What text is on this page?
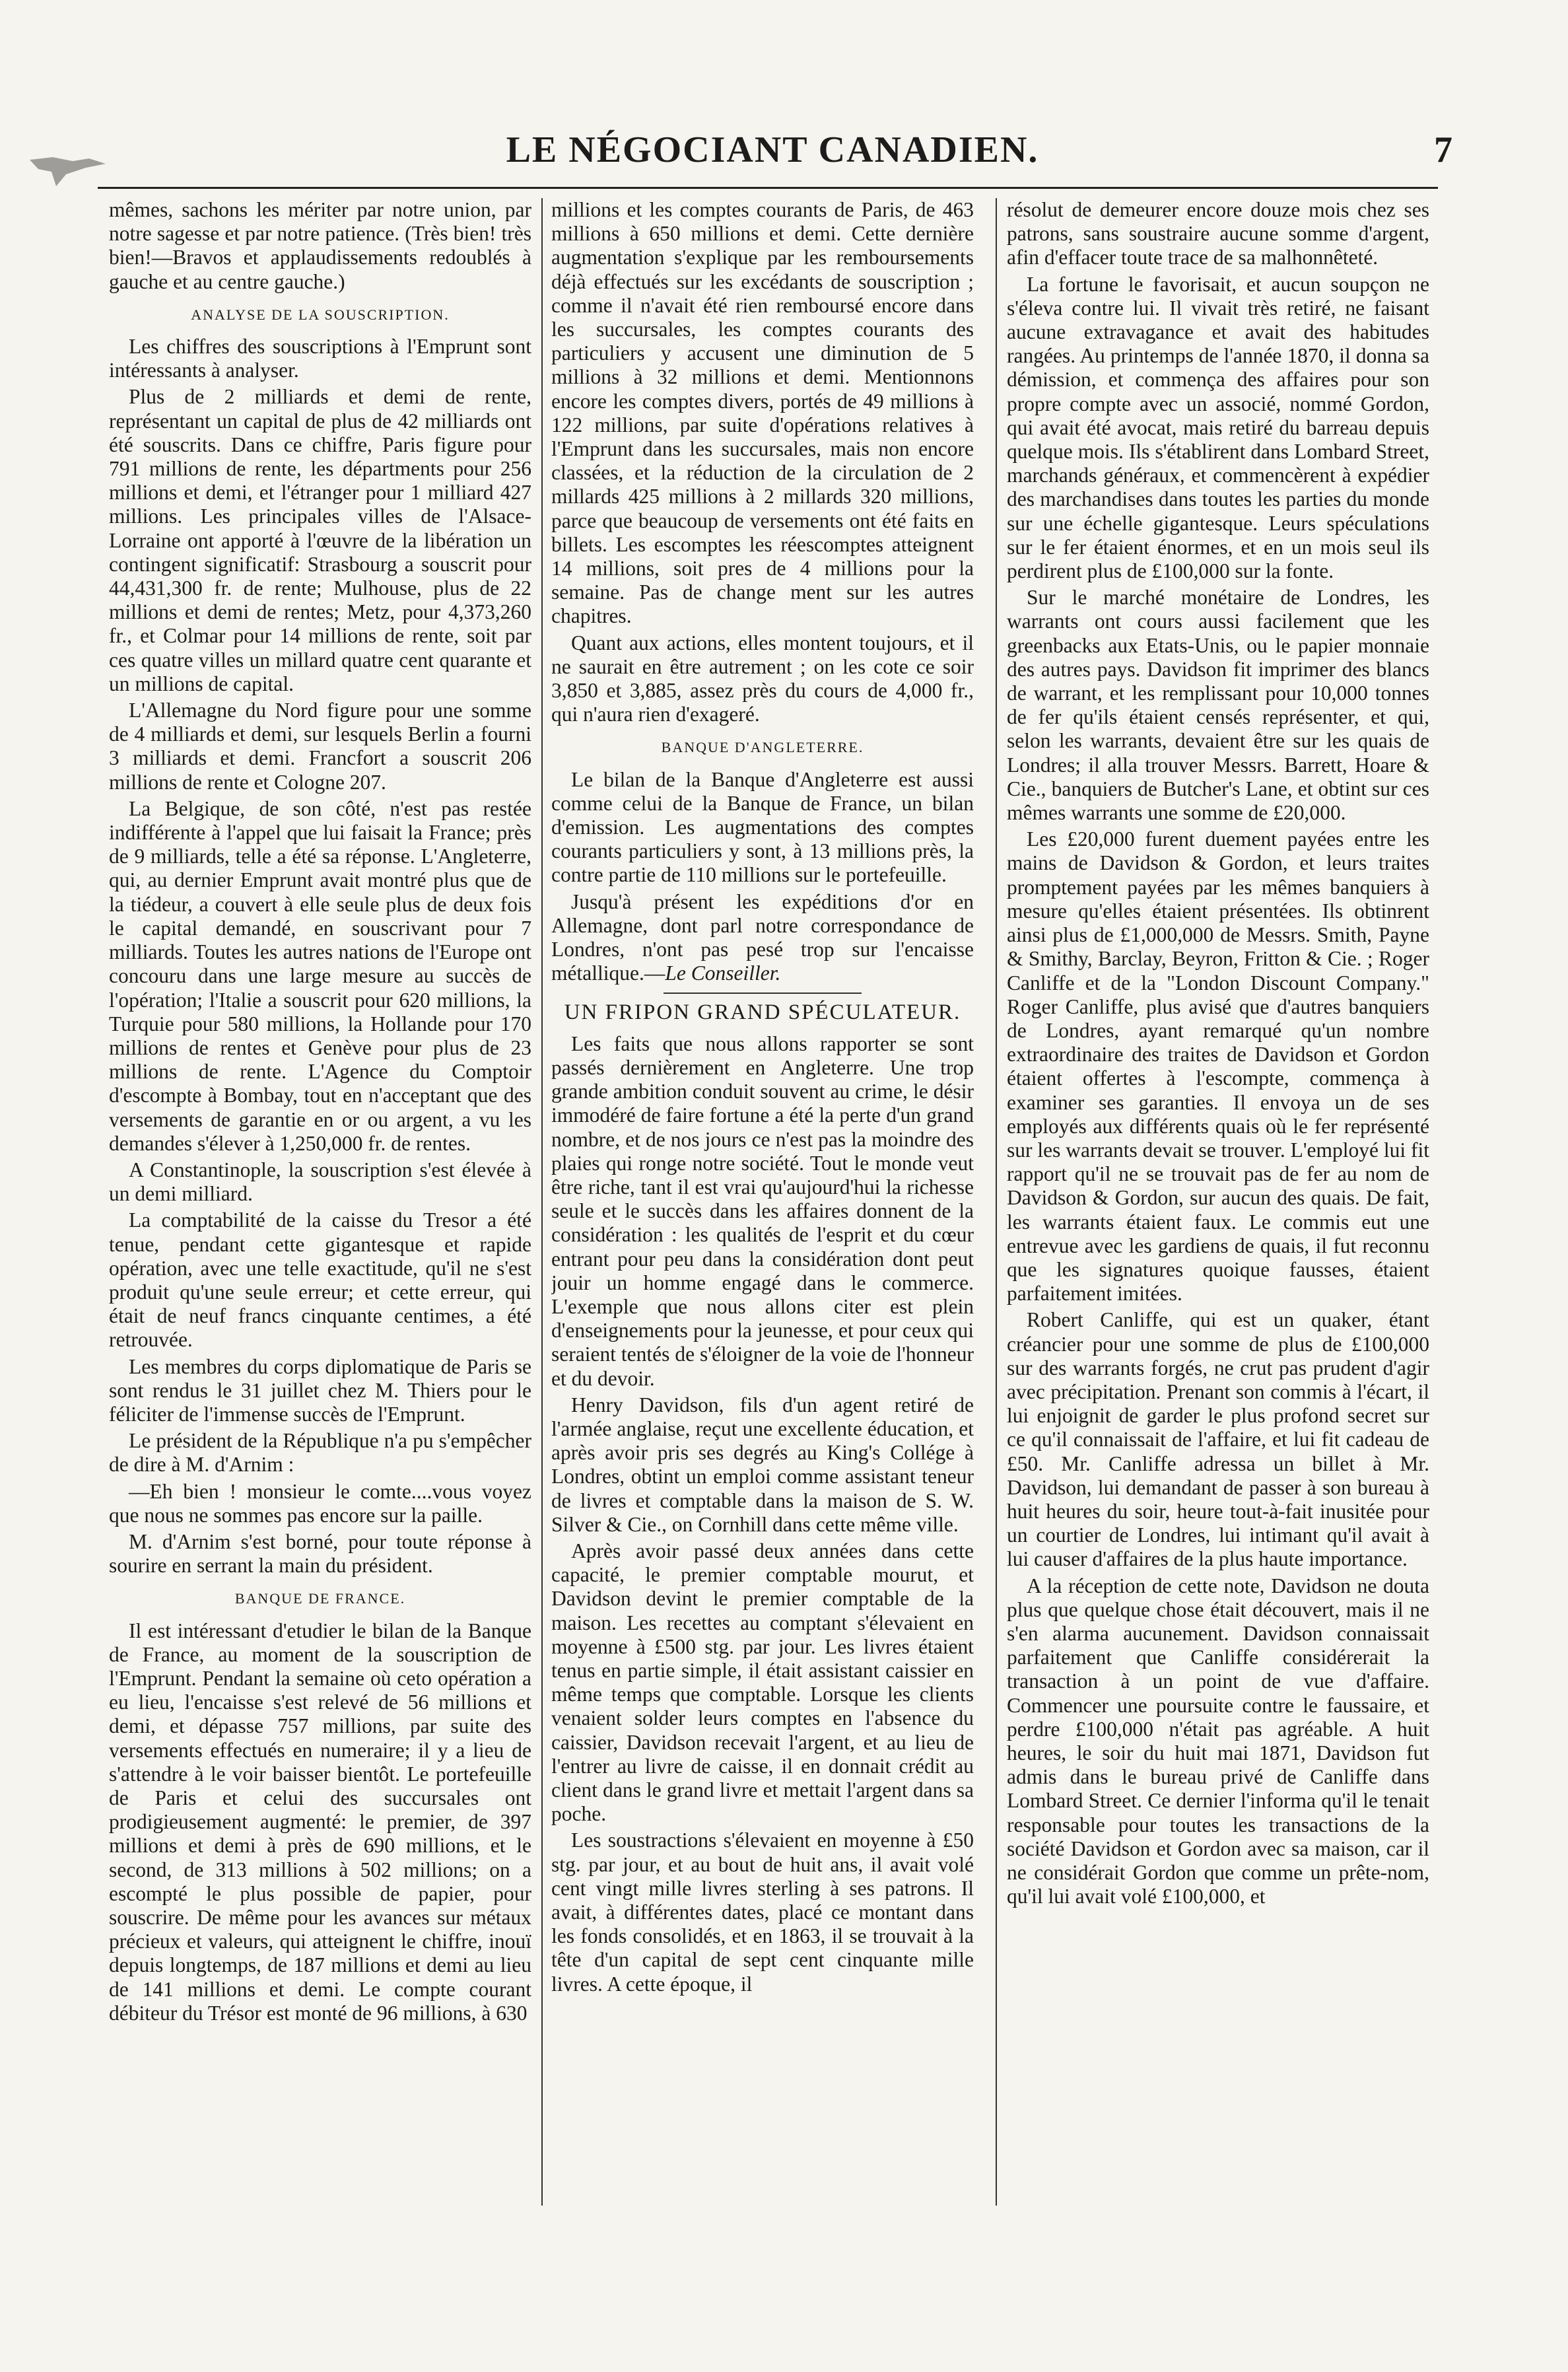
LE NÉGOCIANT CANADIEN.	7

mêmes, sachons les mériter par notre union, par notre sagesse et par notre patience. (Très bien! très bien!—Bravos et applaudissements redoublés à gauche et au centre gauche.)

ANALYSE DE LA SOUSCRIPTION.

Les chiffres des souscriptions à l'Emprunt sont intéressants à analyser.

Plus de 2 milliards et demi de rente, représentant un capital de plus de 42 milliards ont été souscrits. Dans ce chiffre, Paris figure pour 791 millions de rente, les départments pour 256 millions et demi, et l'étranger pour 1 milliard 427 millions. Les principales villes de l'Alsace-Lorraine ont apporté à l'œuvre de la libération un contingent significatif: Strasbourg a souscrit pour 44,431,300 fr. de rente; Mulhouse, plus de 22 millions et demi de rentes; Metz, pour 4,373,260 fr., et Colmar pour 14 millions de rente, soit par ces quatre villes un millard quatre cent quarante et un millions de capital.

L'Allemagne du Nord figure pour une somme de 4 milliards et demi, sur lesquels Berlin a fourni 3 milliards et demi. Francfort a souscrit 206 millions de rente et Cologne 207.

La Belgique, de son côté, n'est pas restée indifférente à l'appel que lui faisait la France; près de 9 milliards, telle a été sa réponse. L'Angleterre, qui, au dernier Emprunt avait montré plus que de la tiédeur, a couvert à elle seule plus de deux fois le capital demandé, en souscrivant pour 7 milliards. Toutes les autres nations de l'Europe ont concouru dans une large mesure au succès de l'opération; l'Italie a souscrit pour 620 millions, la Turquie pour 580 millions, la Hollande pour 170 millions de rentes et Genève pour plus de 23 millions de rente. L'Agence du Comptoir d'escompte à Bombay, tout en n'acceptant que des versements de garantie en or ou argent, a vu les demandes s'élever à 1,250,000 fr. de rentes.

A Constantinople, la souscription s'est élevée à un demi milliard.

La comptabilité de la caisse du Tresor a été tenue, pendant cette gigantesque et rapide opération, avec une telle exactitude, qu'il ne s'est produit qu'une seule erreur; et cette erreur, qui était de neuf francs cinquante centimes, a été retrouvée.

Les membres du corps diplomatique de Paris se sont rendus le 31 juillet chez M. Thiers pour le féliciter de l'immense succès de l'Emprunt.

Le président de la République n'a pu s'empêcher de dire à M. d'Arnim :

—Eh bien ! monsieur le comte....vous voyez que nous ne sommes pas encore sur la paille.

M. d'Arnim s'est borné, pour toute réponse à sourire en serrant la main du président.

BANQUE DE FRANCE.

Il est intéressant d'etudier le bilan de la Banque de France, au moment de la souscription de l'Emprunt. Pendant la semaine où ceto opération a eu lieu, l'encaisse s'est relevé de 56 millions et demi, et dépasse 757 millions, par suite des versements effectués en numeraire; il y a lieu de s'attendre à le voir baisser bientôt. Le portefeuille de Paris et celui des succursales ont prodigieusement augmenté: le premier, de 397 millions et demi à près de 690 millions, et le second, de 313 millions à 502 millions; on a escompté le plus possible de papier, pour souscrire. De même pour les avances sur métaux précieux et valeurs, qui atteignent le chiffre, inouï depuis longtemps, de 187 millions et demi au lieu de 141 millions et demi. Le compte courant débiteur du Trésor est monté de 96 millions, à 630

millions et les comptes courants de Paris, de 463 millions à 650 millions et demi. Cette dernière augmentation s'explique par les remboursements déjà effectués sur les excédants de souscription ; comme il n'avait été rien remboursé encore dans les succursales, les comptes courants des particuliers y accusent une diminution de 5 millions à 32 millions et demi. Mentionnons encore les comptes divers, portés de 49 millions à 122 millions, par suite d'opérations relatives à l'Emprunt dans les succursales, mais non encore classées, et la réduction de la circulation de 2 millards 425 millions à 2 millards 320 millions, parce que beaucoup de versements ont été faits en billets. Les escomptes les réescomptes atteignent 14 millions, soit pres de 4 millions pour la semaine. Pas de change ment sur les autres chapitres.

Quant aux actions, elles montent toujours, et il ne saurait en être autrement ; on les cote ce soir 3,850 et 3,885, assez près du cours de 4,000 fr., qui n'aura rien d'exageré.

BANQUE D'ANGLETERRE.

Le bilan de la Banque d'Angleterre est aussi comme celui de la Banque de France, un bilan d'emission. Les augmentations des comptes courants particuliers y sont, à 13 millions près, la contre partie de 110 millions sur le portefeuille.

Jusqu'à présent les expéditions d'or en Allemagne, dont parl notre correspondance de Londres, n'ont pas pesé trop sur l'encaisse métallique.—Le Conseiller.

UN FRIPON GRAND SPÉCULATEUR.

Les faits que nous allons rapporter se sont passés dernièrement en Angleterre. Une trop grande ambition conduit souvent au crime, le désir immodéré de faire fortune a été la perte d'un grand nombre, et de nos jours ce n'est pas la moindre des plaies qui ronge notre société. Tout le monde veut être riche, tant il est vrai qu'aujourd'hui la richesse seule et le succès dans les affaires donnent de la considération : les qualités de l'esprit et du cœur entrant pour peu dans la considération dont peut jouir un homme engagé dans le commerce. L'exemple que nous allons citer est plein d'enseignements pour la jeunesse, et pour ceux qui seraient tentés de s'éloigner de la voie de l'honneur et du devoir.

Henry Davidson, fils d'un agent retiré de l'armée anglaise, reçut une excellente éducation, et après avoir pris ses degrés au King's Collége à Londres, obtint un emploi comme assistant teneur de livres et comptable dans la maison de S. W. Silver & Cie., on Cornhill dans cette même ville.

Après avoir passé deux années dans cette capacité, le premier comptable mourut, et Davidson devint le premier comptable de la maison. Les recettes au comptant s'élevaient en moyenne à £500 stg. par jour. Les livres étaient tenus en partie simple, il était assistant caissier en même temps que comptable. Lorsque les clients venaient solder leurs comptes en l'absence du caissier, Davidson recevait l'argent, et au lieu de l'entrer au livre de caisse, il en donnait crédit au client dans le grand livre et mettait l'argent dans sa poche.

Les soustractions s'élevaient en moyenne à £50 stg. par jour, et au bout de huit ans, il avait volé cent vingt mille livres sterling à ses patrons. Il avait, à différentes dates, placé ce montant dans les fonds consolidés, et en 1863, il se trouvait à la tête d'un capital de sept cent cinquante mille livres. A cette époque, il

résolut de demeurer encore douze mois chez ses patrons, sans soustraire aucune somme d'argent, afin d'effacer toute trace de sa malhonnêteté.

La fortune le favorisait, et aucun soupçon ne s'éleva contre lui. Il vivait très retiré, ne faisant aucune extravagance et avait des habitudes rangées. Au printemps de l'année 1870, il donna sa démission, et commença des affaires pour son propre compte avec un associé, nommé Gordon, qui avait été avocat, mais retiré du barreau depuis quelque mois. Ils s'établirent dans Lombard Street, marchands généraux, et commencèrent à expédier des marchandises dans toutes les parties du monde sur une échelle gigantesque. Leurs spéculations sur le fer étaient énormes, et en un mois seul ils perdirent plus de £100,000 sur la fonte.

Sur le marché monétaire de Londres, les warrants ont cours aussi facilement que les greenbacks aux Etats-Unis, ou le papier monnaie des autres pays. Davidson fit imprimer des blancs de warrant, et les remplissant pour 10,000 tonnes de fer qu'ils étaient censés représenter, et qui, selon les warrants, devaient être sur les quais de Londres; il alla trouver Messrs. Barrett, Hoare & Cie., banquiers de Butcher's Lane, et obtint sur ces mêmes warrants une somme de £20,000.

Les £20,000 furent duement payées entre les mains de Davidson & Gordon, et leurs traites promptement payées par les mêmes banquiers à mesure qu'elles étaient présentées. Ils obtinrent ainsi plus de £1,000,000 de Messrs. Smith, Payne & Smithy, Barclay, Beyron, Fritton & Cie. ; Roger Canliffe et de la "London Discount Company." Roger Canliffe, plus avisé que d'autres banquiers de Londres, ayant remarqué qu'un nombre extraordinaire des traites de Davidson et Gordon étaient offertes à l'escompte, commença à examiner ses garanties. Il envoya un de ses employés aux différents quais où le fer représenté sur les warrants devait se trouver. L'employé lui fit rapport qu'il ne se trouvait pas de fer au nom de Davidson & Gordon, sur aucun des quais. De fait, les warrants étaient faux. Le commis eut une entrevue avec les gardiens de quais, il fut reconnu que les signatures quoique fausses, étaient parfaitement imitées.

Robert Canliffe, qui est un quaker, étant créancier pour une somme de plus de £100,000 sur des warrants forgés, ne crut pas prudent d'agir avec précipitation. Prenant son commis à l'écart, il lui enjoignit de garder le plus profond secret sur ce qu'il connaissait de l'affaire, et lui fit cadeau de £50. Mr. Canliffe adressa un billet à Mr. Davidson, lui demandant de passer à son bureau à huit heures du soir, heure tout-à-fait inusitée pour un courtier de Londres, lui intimant qu'il avait à lui causer d'affaires de la plus haute importance.

A la réception de cette note, Davidson ne douta plus que quelque chose était découvert, mais il ne s'en alarma aucunement. Davidson connaissait parfaitement que Canliffe considérerait la transaction à un point de vue d'affaire. Commencer une poursuite contre le faussaire, et perdre £100,000 n'était pas agréable. A huit heures, le soir du huit mai 1871, Davidson fut admis dans le bureau privé de Canliffe dans Lombard Street. Ce dernier l'informa qu'il le tenait responsable pour toutes les transactions de la société Davidson et Gordon avec sa maison, car il ne considérait Gordon que comme un prête-nom, qu'il lui avait volé £100,000, et
